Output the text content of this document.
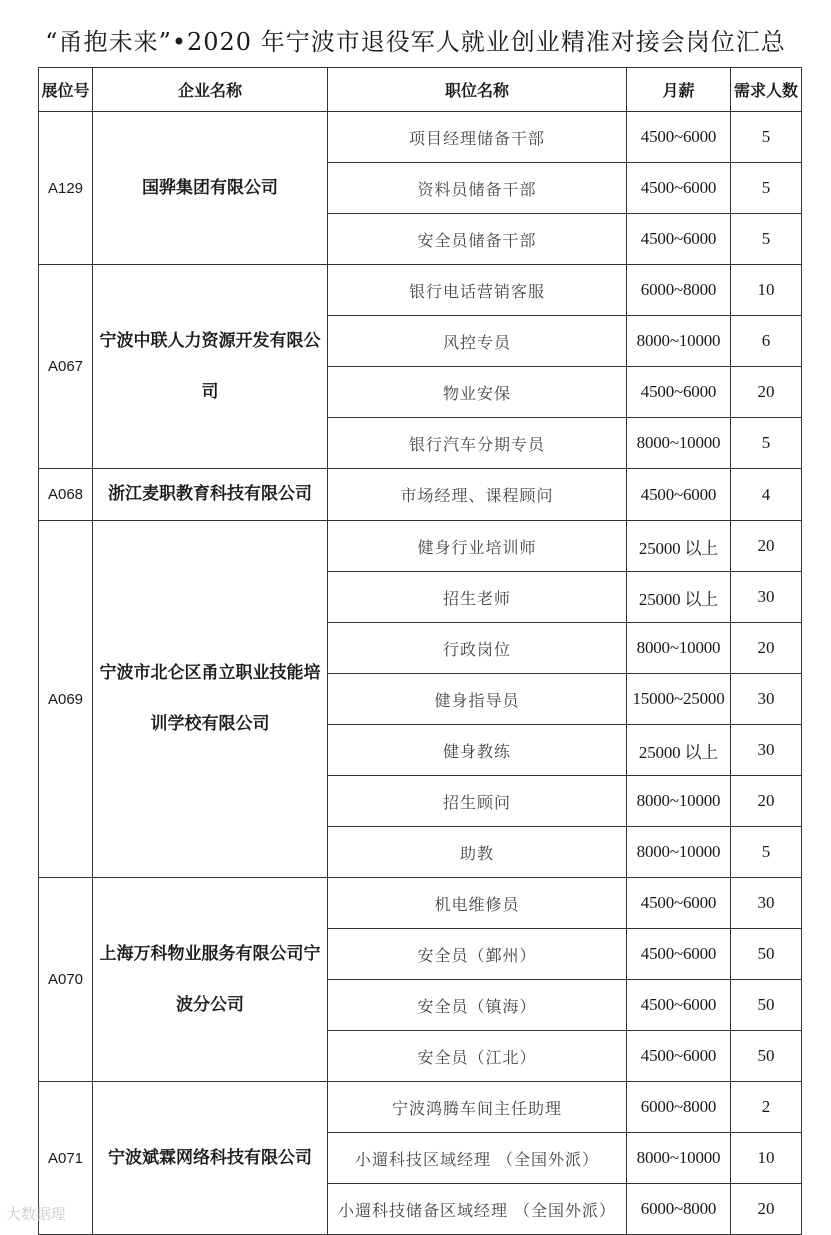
“甬抱未来”•2020 年宁波市退役军人就业创业精准对接会岗位汇总
展位号	企业名称	职位名称	月薪	需求人数
A129	国骅集团有限公司	项目经理储备干部	4500~6000	5
		资料员储备干部	4500~6000	5
		安全员储备干部	4500~6000	5
A067	宁波中联人力资源开发有限公司	银行电话营销客服	6000~8000	10
		风控专员	8000~10000	6
		物业安保	4500~6000	20
		银行汽车分期专员	8000~10000	5
A068	浙江麦职教育科技有限公司	市场经理、课程顾问	4500~6000	4
A069	宁波市北仑区甬立职业技能培训学校有限公司	健身行业培训师	25000 以上	20
		招生老师	25000 以上	30
		行政岗位	8000~10000	20
		健身指导员	15000~25000	30
		健身教练	25000 以上	30
		招生顾问	8000~10000	20
		助教	8000~10000	5
A070	上海万科物业服务有限公司宁波分公司	机电维修员	4500~6000	30
		安全员（鄞州）	4500~6000	50
		安全员（镇海）	4500~6000	50
		安全员（江北）	4500~6000	50
A071	宁波斌霖网络科技有限公司	宁波鸿腾车间主任助理	6000~8000	2
		小遛科技区域经理 （全国外派）	8000~10000	10
		小遛科技储备区域经理 （全国外派）	6000~8000	20
大数据瑆
